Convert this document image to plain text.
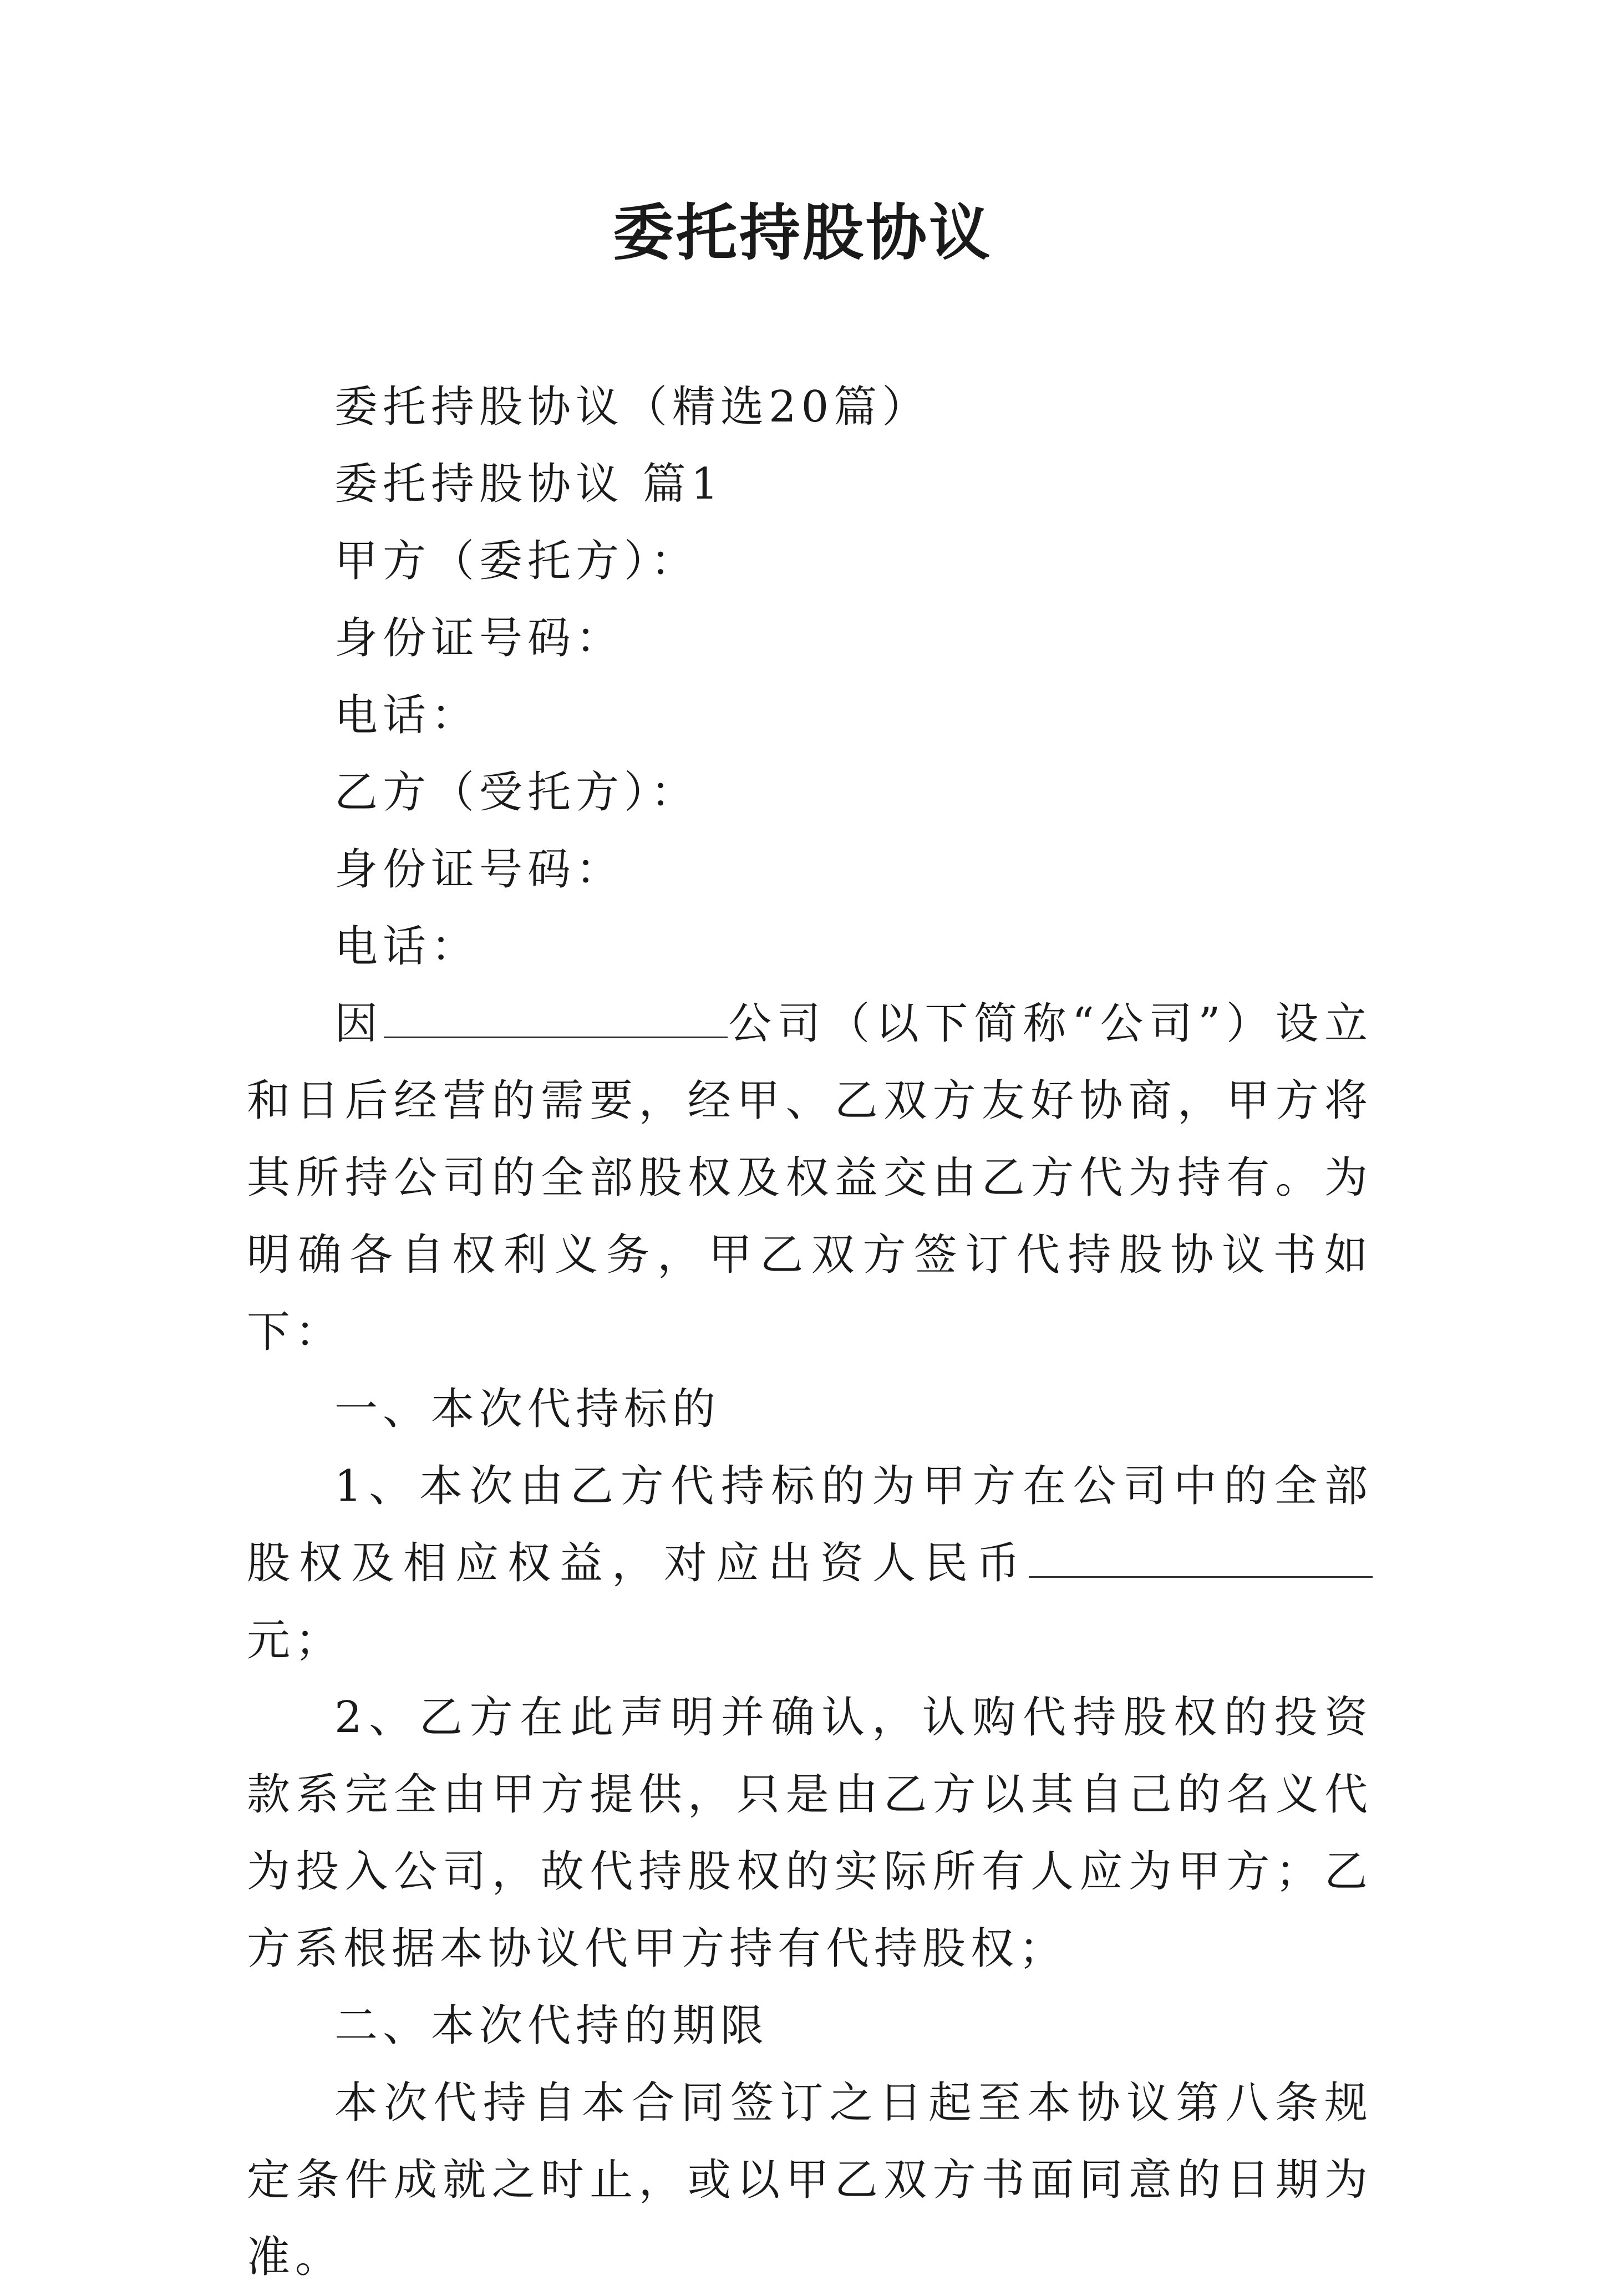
委托持股协议

委托持股协议（精选20篇）

委托持股协议 篇1

甲方（委托方）：

身份证号码：

电话：

乙方（受托方）：

身份证号码：

电话：

因	公司（以下简称“公司”）设立和日后经营的需要，经甲、乙双方友好协商，甲方将其所持公司的全部股权及权益交由乙方代为持有。为明确各自权利义务，甲乙双方签订代持股协议书如下：

一、本次代持标的

1、本次由乙方代持标的为甲方在公司中的全部股权及相应权益，对应出资人民币元；

2、乙方在此声明并确认，认购代持股权的投资款系完全由甲方提供，只是由乙方以其自己的名义代为投入公司，故代持股权的实际所有人应为甲方；乙方系根据本协议代甲方持有代持股权；

二、本次代持的期限

本次代持自本合同签订之日起至本协议第八条规定条件成就之时止，或以甲乙双方书面同意的日期为准。
